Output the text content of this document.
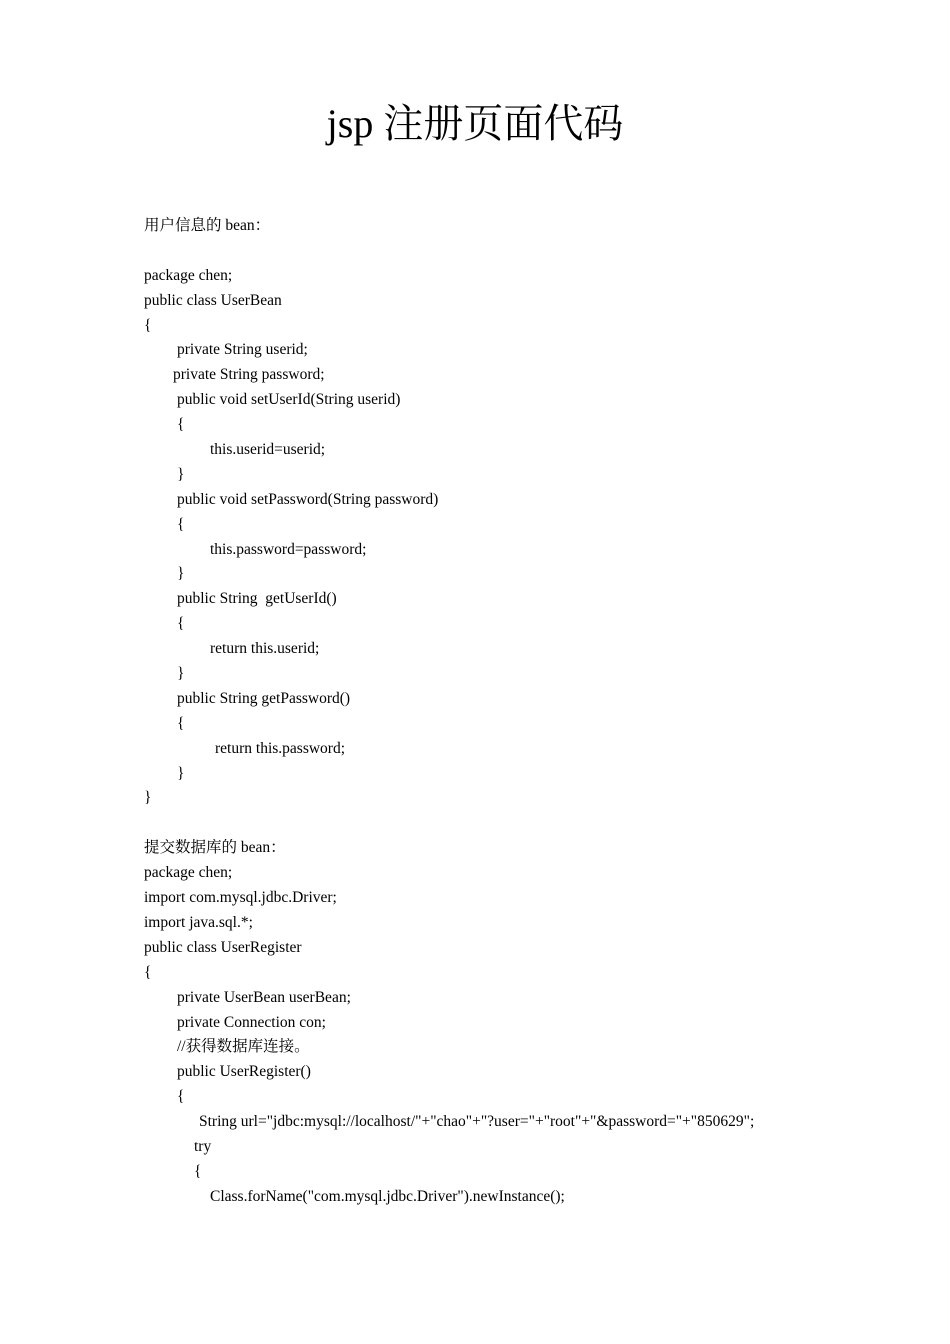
jsp 注册页面代码
用户信息的 bean：
package chen;
public class UserBean
{
private String userid;
private String password;
public void setUserId(String userid)
{
this.userid=userid;
}
public void setPassword(String password)
{
this.password=password;
}
public String  getUserId()
{
return this.userid;
}
public String getPassword()
{
return this.password;
}
}
提交数据库的 bean：
package chen;
import com.mysql.jdbc.Driver;
import java.sql.*;
public class UserRegister
{
private UserBean userBean;
private Connection con;
//获得数据库连接。
public UserRegister()
{
String url="jdbc:mysql://localhost/"+"chao"+"?user="+"root"+"&password="+"850629";
try
{
Class.forName("com.mysql.jdbc.Driver").newInstance();
